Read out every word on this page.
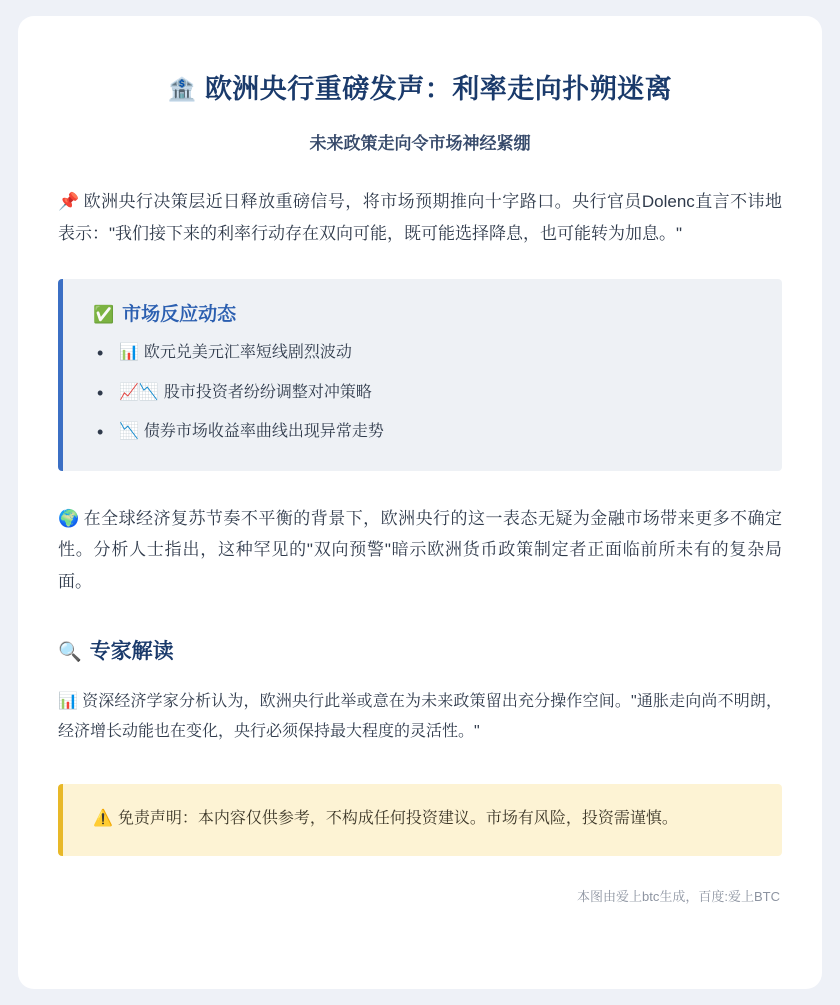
🏦 欧洲央行重磅发声：利率走向扑朔迷离
未来政策走向令市场神经紧绷

📌 欧洲央行决策层近日释放重磅信号，将市场预期推向十字路口。央行官员Dolenc直言不讳地表示："我们接下来的利率行动存在双向可能，既可能选择降息，也可能转为加息。"

✅ 市场反应动态
• 📊 欧元兑美元汇率短线剧烈波动
• 📈📉 股市投资者纷纷调整对冲策略
• 📉 债券市场收益率曲线出现异常走势

🌍 在全球经济复苏节奏不平衡的背景下，欧洲央行的这一表态无疑为金融市场带来更多不确定性。分析人士指出，这种罕见的"双向预警"暗示欧洲货币政策制定者正面临前所未有的复杂局面。

🔍 专家解读

📊 资深经济学家分析认为，欧洲央行此举或意在为未来政策留出充分操作空间。"通胀走向尚不明朗，经济增长动能也在变化，央行必须保持最大程度的灵活性。"

⚠️ 免责声明：本内容仅供参考，不构成任何投资建议。市场有风险，投资需谨慎。

本图由爱上btc生成，百度:爱上BTC
